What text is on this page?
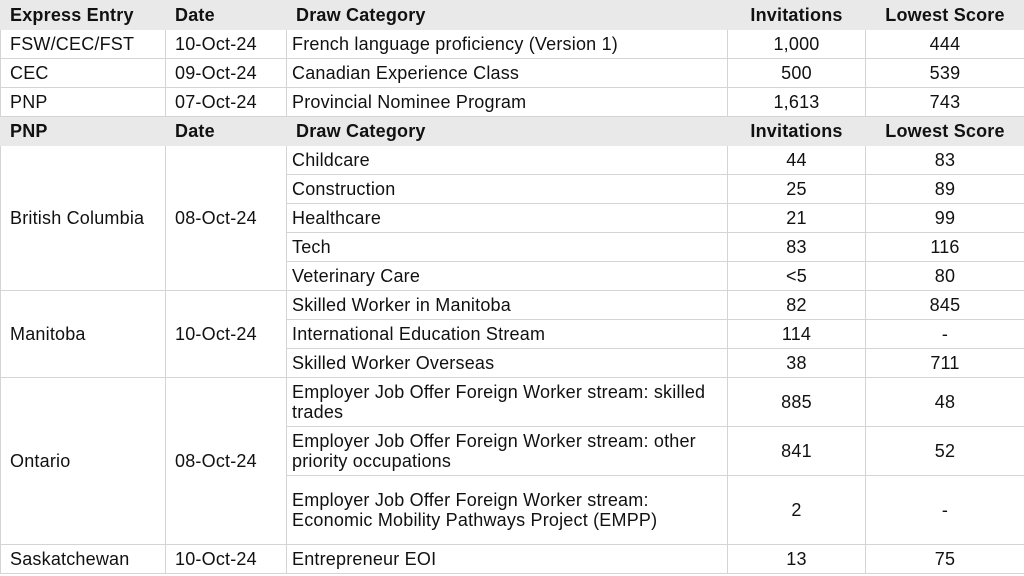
Express Entry	Date	Draw Category	Invitations	Lowest Score
FSW/CEC/FST	10-Oct-24	French language proficiency (Version 1)	1,000	444
CEC	09-Oct-24	Canadian Experience Class	500	539
PNP	07-Oct-24	Provincial Nominee Program	1,613	743
PNP	Date	Draw Category	Invitations	Lowest Score
British Columbia	08-Oct-24	Childcare	44	83
		Construction	25	89
		Healthcare	21	99
		Tech	83	116
		Veterinary Care	<5	80
Manitoba	10-Oct-24	Skilled Worker in Manitoba	82	845
		International Education Stream	114	-
		Skilled Worker Overseas	38	711
Ontario	08-Oct-24	Employer Job Offer Foreign Worker stream: skilled trades	885	48
		Employer Job Offer Foreign Worker stream: other priority occupations	841	52
		Employer Job Offer Foreign Worker stream: Economic Mobility Pathways Project (EMPP)	2	-
Saskatchewan	10-Oct-24	Entrepreneur EOI	13	75
